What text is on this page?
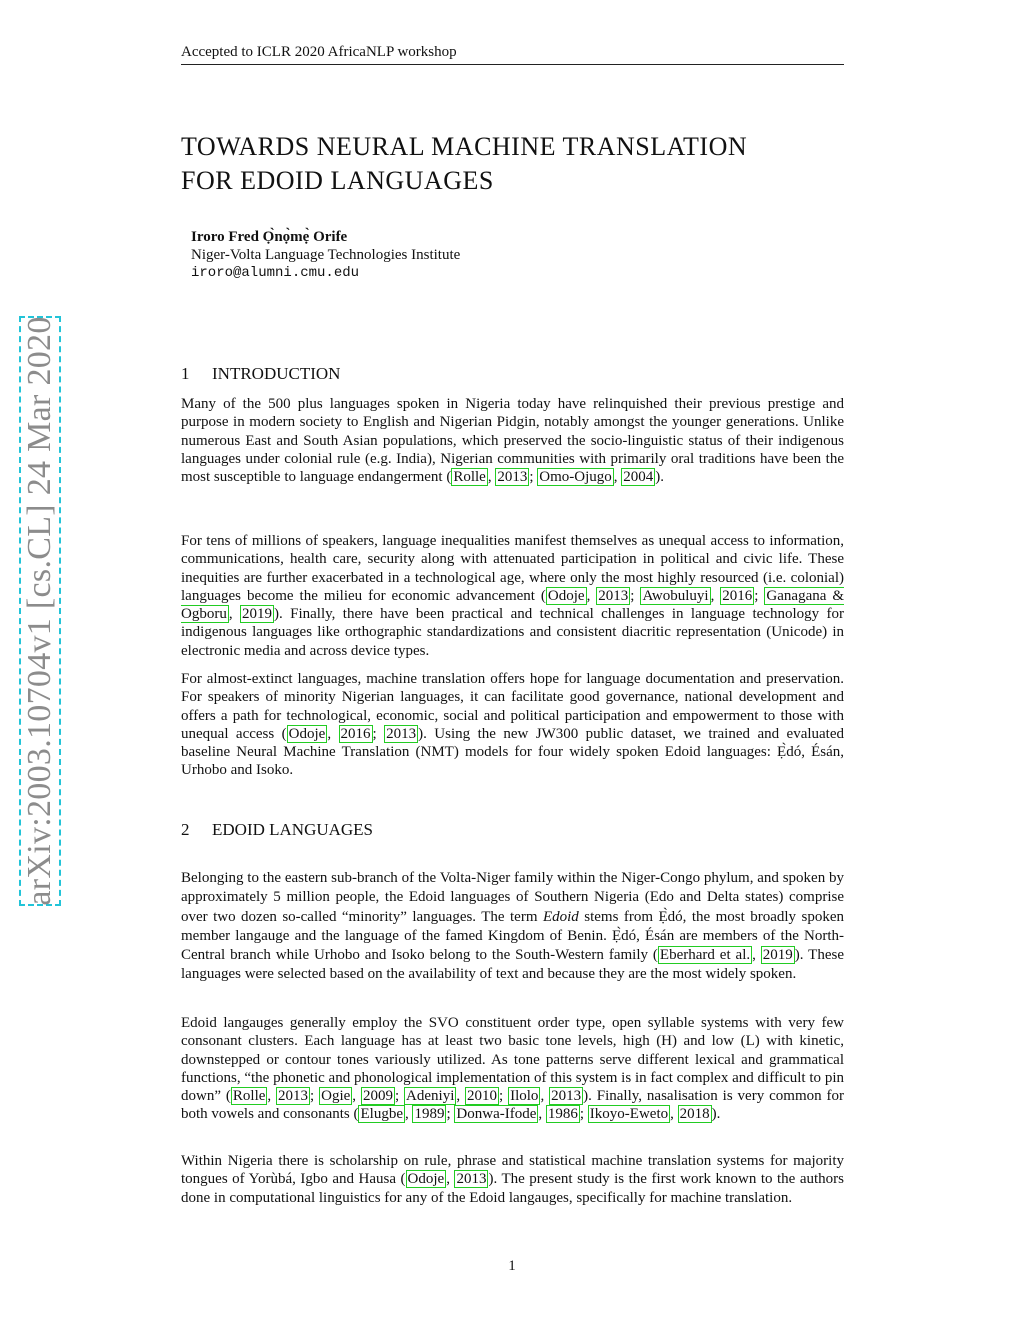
Accepted to ICLR 2020 AfricaNLP workshop
TOWARDS NEURAL MACHINE TRANSLATION
FOR EDOID LANGUAGES
Iroro Fred Ọ̀nọ̀mẹ̀ Orife
Niger-Volta Language Technologies Institute
iroro@alumni.cmu.edu
arXiv:2003.10704v1 [cs.CL] 24 Mar 2020	1 INTRODUCTION

Many of the 500 plus languages spoken in Nigeria today have relinquished their previous prestige and purpose in modern society to English and Nigerian Pidgin, notably amongst the younger generations. Unlike numerous East and South Asian populations, which preserved the socio-linguistic status of their indigenous languages under colonial rule (e.g. India), Nigerian communities with primarily oral traditions have been the most susceptible to language endangerment ( Rolle , 2013 ; Omo-Ojugo , 2004 ).

For tens of millions of speakers, language inequalities manifest themselves as unequal access to information, communications, health care, security along with attenuated participation in political and civic life. These inequities are further exacerbated in a technological age, where only the most highly resourced (i.e. colonial) languages become the milieu for economic advancement ( Odoje , 2013 ; Awobuluyi , 2016 ; Ganagana & Ogboru , 2019 ). Finally, there have been practical and technical challenges in language technology for indigenous languages like orthographic standardizations and consistent diacritic representation (Unicode) in electronic media and across device types.

For almost-extinct languages, machine translation offers hope for language documentation and preservation. For speakers of minority Nigerian languages, it can facilitate good governance, national development and offers a path for technological, economic, social and political participation and empowerment to those with unequal access ( Odoje , 2016 ; 2013 ). Using the new JW300 public dataset, we trained and evaluated baseline Neural Machine Translation (NMT) models for four widely spoken Edoid languages: Ẹ̀dó, Ésán, Urhobo and Isoko.

2 EDOID LANGUAGES

Belonging to the eastern sub-branch of the Volta-Niger family within the Niger-Congo phylum, and spoken by approximately 5 million people, the Edoid languages of Southern Nigeria (Edo and Delta states) comprise over two dozen so-called “minority” languages. The term Edoid stems from Ẹ̀dó, the most broadly spoken member langauge and the language of the famed Kingdom of Benin. Ẹ̀dó, Ésán are members of the North-Central branch while Urhobo and Isoko belong to the South-Western family ( Eberhard et al. , 2019 ). These languages were selected based on the availability of text and because they are the most widely spoken.

Edoid langauges generally employ the SVO constituent order type, open syllable systems with very few consonant clusters. Each language has at least two basic tone levels, high (H) and low (L) with kinetic, downstepped or contour tones variously utilized. As tone patterns serve different lexical and grammatical functions, “the phonetic and phonological implementation of this system is in fact complex and difficult to pin down” ( Rolle , 2013 ; Ogie , 2009 ; Adeniyi , 2010 ; Ilolo , 2013 ). Finally, nasalisation is very common for both vowels and consonants ( Elugbe , 1989 ; Donwa-Ifode , 1986 ; Ikoyo-Eweto , 2018 ).

Within Nigeria there is scholarship on rule, phrase and statistical machine translation systems for majority tongues of Yorùbá, Igbo and Hausa ( Odoje , 2013 ). The present study is the first work known to the authors done in computational linguistics for any of the Edoid langauges, specifically for machine translation.

1
